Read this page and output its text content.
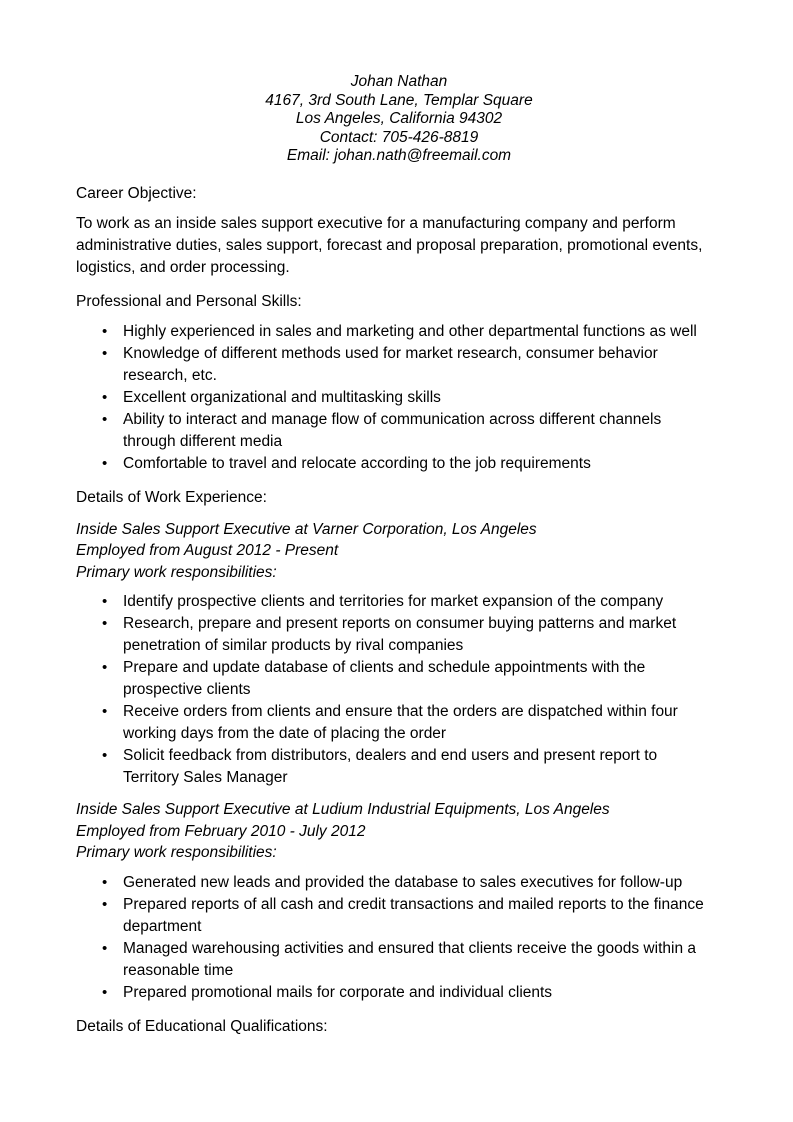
Johan Nathan
4167, 3rd South Lane, Templar Square
Los Angeles, California 94302
Contact: 705-426-8819
Email: johan.nath@freemail.com
Career Objective:

To work as an inside sales support executive for a manufacturing company and perform administrative duties, sales support, forecast and proposal preparation, promotional events, logistics, and order processing.

Professional and Personal Skills:
• Highly experienced in sales and marketing and other departmental functions as well
• Knowledge of different methods used for market research, consumer behavior research, etc.
• Excellent organizational and multitasking skills
• Ability to interact and manage flow of communication across different channels through different media
• Comfortable to travel and relocate according to the job requirements
Details of Work Experience:
Inside Sales Support Executive at Varner Corporation, Los Angeles
Employed from August 2012 - Present
Primary work responsibilities:
• Identify prospective clients and territories for market expansion of the company
• Research, prepare and present reports on consumer buying patterns and market penetration of similar products by rival companies
• Prepare and update database of clients and schedule appointments with the prospective clients
• Receive orders from clients and ensure that the orders are dispatched within four working days from the date of placing the order
• Solicit feedback from distributors, dealers and end users and present report to Territory Sales Manager
Inside Sales Support Executive at Ludium Industrial Equipments, Los Angeles
Employed from February 2010 - July 2012
Primary work responsibilities:
• Generated new leads and provided the database to sales executives for follow-up
• Prepared reports of all cash and credit transactions and mailed reports to the finance department
• Managed warehousing activities and ensured that clients receive the goods within a reasonable time
• Prepared promotional mails for corporate and individual clients
Details of Educational Qualifications:
